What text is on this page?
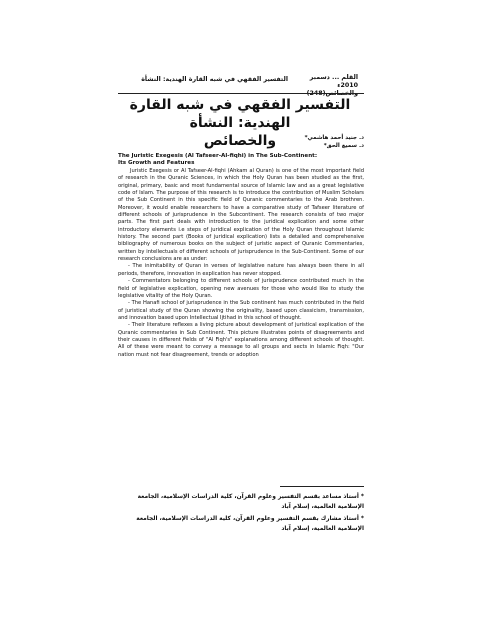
القلم ... دسمبر 2010ء
والخصائص(248)
التفسير الفقهي في شبه القارة الهندية: النشأة
التفسير الفقهي في شبه القارة الهندية: النشأة
والخصائص	د. جنيد أحمد هاشمي*
د. سميع الحق*
The Juristic Exegesis (Al Tafseer-Al-fiqhi) in The Sub-Continent:
Its Growth and Features

Juristic Exegesis or Al Tafseer-Al-fiqhi (Ahkam al Quran) is one of the most important field of research in the Quranic Sciences, in which the Holy Quran has been studied as the first, original, primary, basic and most fundamental source of Islamic law and as a great legislative code of Islam. The purpose of this research is to introduce the contribution of Muslim Scholars of the Sub Continent in this specific field of Quranic commentaries to the Arab brothren. Moreover, it would enable researchers to have a comparative study of Tafseer literature of different schools of jurisprudence in the Subcontinent. The research consists of two major parts. The first part deals with introduction to the juridical explication and some other introductory elements i.e steps of juridical explication of the Holy Quran throughout Islamic history. The second part (Books of juridical explication) lists a detailed and comprehensive bibliography of numerous books on the subject of juristic aspect of Quranic Commentaries, written by intellectuals of different schools of jurisprudence in the Sub-Continent. Some of our research conclusions are as under:

- The inimitability of Quran in verses of legislative nature has always been there in all periods, therefore, innovation in explication has never stopped.

- Commentators belonging to different schools of jurisprudence contributed much in the field of legislative explication, opening new avenues for those who would like to study the legislative vitality of the Holy Quran.

- The Hanafi school of jurisprudence in the Sub continent has much contributed in the field of juristical study of the Quran showing the originality, based upon classicism, transmission, and innovation based upon Intellectual Ijtihad in this school of thought.

- Their literature reflexes a living picture about development of juristical explication of the Quranic commentaries in Sub Continent. This picture illustrates points of disagreements and their causes in different fields of "Al Fiqh's" explanations among different schools of thought. All of these were meant to convey a message to all groups and sects in Islamic Fiqh: "Our nation must not fear disagreement, trends or adoption

* أستاذ مساعد بقسم التفسير وعلوم القرآن، كلية الدراسات الإسلامية، الجامعة الإسلامية العالمية، إسلام آباد

* أستاذ مشارك بقسم التفسير وعلوم القرآن، كلية الدراسات الإسلامية، الجامعة الإسلامية العالمية، إسلام آباد
